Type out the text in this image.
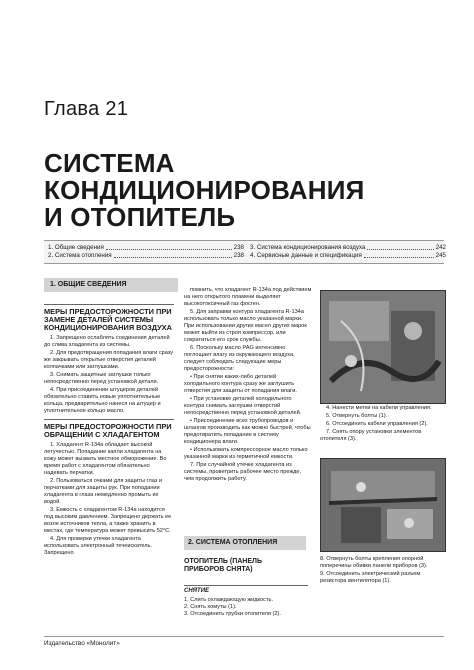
Глава 21
СИСТЕМА
КОНДИЦИОНИРОВАНИЯ
И ОТОПИТЕЛЬ
1. Общие сведения	238
2. Система отопления	238
3. Система кондиционирования воздуха	242
4. Сервисные данные и спецификация	245
1. ОБЩИЕ СВЕДЕНИЯ
МЕРЫ ПРЕДОСТОРОЖНОСТИ ПРИ ЗАМЕНЕ ДЕТАЛЕЙ СИСТЕМЫ КОНДИЦИОНИРОВАНИЯ ВОЗДУХА

1. Запрещено ослаблять соединения деталей до слива хладагента из системы.

2. Для предотвращения попадания влаги сразу же закрывать открытые отверстия деталей колпачками или заглушками.

3. Снимать защитные заглушки только непосредственно перед установкой детали.

4. При присоединении штуцеров деталей обязательно ставить новые уплотнительные кольца, предварительно нанеся на штуцер и уплотнительное кольцо масло.

МЕРЫ ПРЕДОСТОРОЖНОСТИ ПРИ ОБРАЩЕНИИ С ХЛАДАГЕНТОМ

1. Хладагент R-134a обладает высокой летучестью. Попадание капли хладагента на кожу может вызвать местное обморожение. Во время работ с хладагентом обязательно надевать перчатки.

2. Пользоваться очками для защиты глаз и перчатками для защиты рук. При попадании хладагента в глаза немедленно промыть их водой.

3. Емкость с хладагентом R-134a находится под высоким давлением. Запрещено держать ее возле источников тепла, а также хранить в местах, где температура может превысить 52°C.

4. Для проверки утечки хладагента использовать электронный течеискатель. Запрещено

помнить, что хладагент R-134a под действием на него открытого пламени выделяет высокотоксичный газ фосген.

5. Для заправки контура хладагента R-134a использовать только масло указанной марки. При использовании других масел других марок может выйти из строя компрессор, или сократиться его срок службы.

6. Поскольку масло PAG интенсивно поглощает влагу из окружающего воздуха, следует соблюдать следующие меры предосторожности:

• При снятии каких-либо деталей холодильного контура сразу же заглушить отверстия для защиты от попадания влаги.

• При установке деталей холодильного контура снимать заглушки отверстий непосредственно перед установкой деталей.

• Присоединение всех трубопроводов и шлангов производить как можно быстрей, чтобы предотвратить попадание в систему кондиционера влаги.

• Использовать компрессорное масло только указанной марки из герметичной емкости.

7. При случайной утечке хладагента из системы, проветрить рабочее место прежде, чем продолжить работу.

2. СИСТЕМА ОТОПЛЕНИЯ
ОТОПИТЕЛЬ (ПАНЕЛЬ ПРИБОРОВ СНЯТА)
СНЯТИЕ

1. Слить охлаждающую жидкость.

2. Снять хомуты (1).

3. Отсоединить трубки отопителя (2).

4. Нанести метки на кабели управления.

5. Отвернуть болты (1).

6. Отсоединить кабели управления (2).

7. Снять опору установки элементов отопителя (3).

8. Отвернуть болты крепления опорной поперечины обивки панели приборов (3).

9. Отсоединить электрический разъем резистора вентилятора (1).

Издательство «Монолит»
